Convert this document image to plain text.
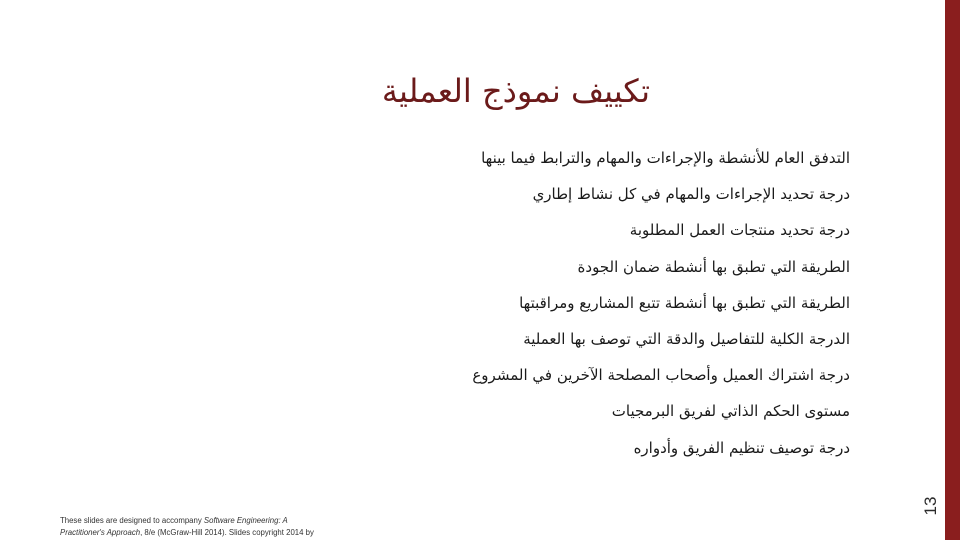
تكييف نموذج العملية
التدفق العام للأنشطة والإجراءات والمهام والترابط فيما بينها
درجة تحديد الإجراءات والمهام في كل نشاط إطاري
درجة تحديد منتجات العمل المطلوبة
الطريقة التي تطبق بها أنشطة ضمان الجودة
الطريقة التي تطبق بها أنشطة تتبع المشاريع ومراقبتها
الدرجة الكلية للتفاصيل والدقة التي توصف بها العملية
درجة اشتراك العميل وأصحاب المصلحة الآخرين في المشروع
مستوى الحكم الذاتي لفريق البرمجيات
درجة توصيف تنظيم الفريق وأدواره
These slides are designed to accompany Software Engineering: A
Practitioner's Approach, 8/e (McGraw-Hill 2014). Slides copyright 2014 by
13
